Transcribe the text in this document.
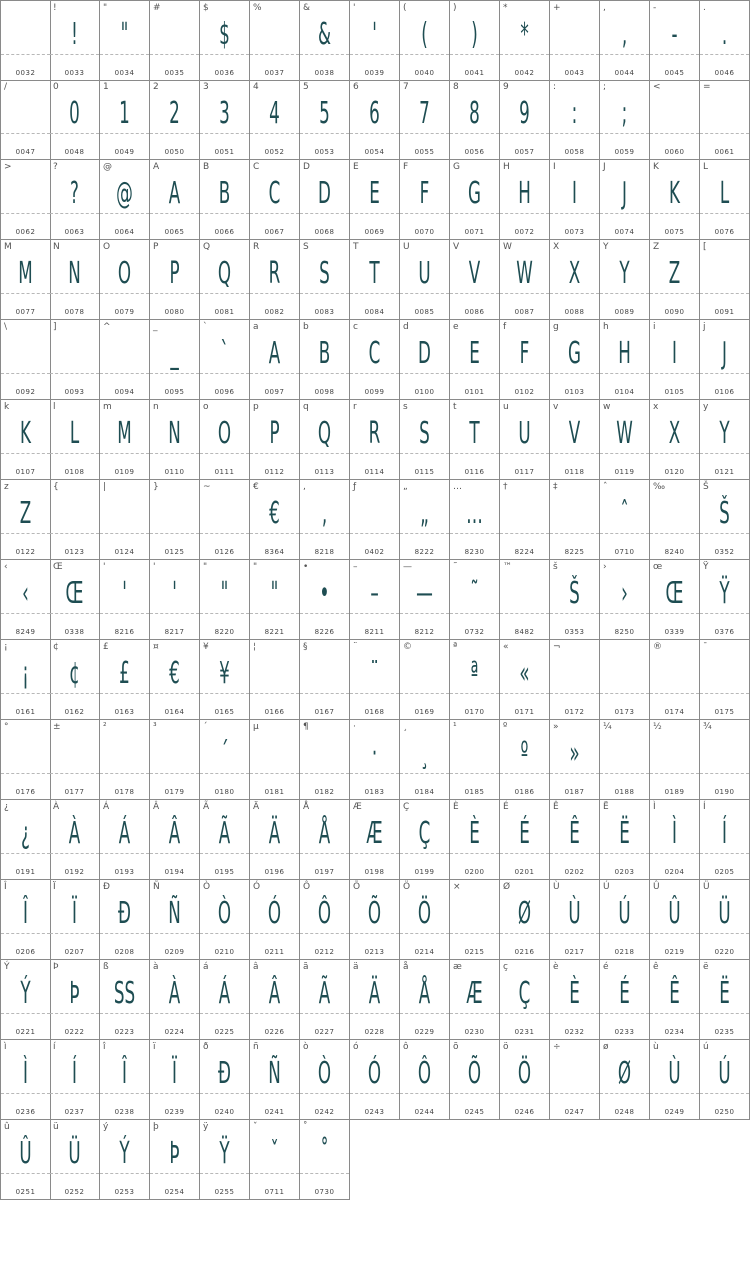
0032
!
!
0033
"
"
0034
#
0035
$
$
0036
%
0037
&
&
0038
'
'
0039
(
(
0040
)
)
0041
*
*
0042
+
0043
,
,
0044
-
-
0045
.
.
0046
/
0047
0
0
0048
1
1
0049
2
2
0050
3
3
0051
4
4
0052
5
5
0053
6
6
0054
7
7
0055
8
8
0056
9
9
0057
:
:
0058
;
;
0059
<
0060
=
0061
>
0062
?
?
0063
@
@
0064
A
A
0065
B
B
0066
C
C
0067
D
D
0068
E
E
0069
F
F
0070
G
G
0071
H
H
0072
I
I
0073
J
J
0074
K
K
0075
L
L
0076
M
M
0077
N
N
0078
O
O
0079
P
P
0080
Q
Q
0081
R
R
0082
S
S
0083
T
T
0084
U
U
0085
V
V
0086
W
W
0087
X
X
0088
Y
Y
0089
Z
Z
0090
[
0091
\
0092
]
0093
^
0094
_
_
0095
`
`
0096
a
A
0097
b
B
0098
c
C
0099
d
D
0100
e
E
0101
f
F
0102
g
G
0103
h
H
0104
i
I
0105
j
J
0106
k
K
0107
l
L
0108
m
M
0109
n
N
0110
o
O
0111
p
P
0112
q
Q
0113
r
R
0114
s
S
0115
t
T
0116
u
U
0117
v
V
0118
w
W
0119
x
X
0120
y
Y
0121
z
Z
0122
{
0123
|
0124
}
0125
~
0126
€
€
8364
,
,
8218
ƒ
0402
„
„
8222
…
…
8230
†
8224
‡
8225
ˆ
ˆ
0710
‰
8240
Š
Š
0352
‹
‹
8249
Œ
Œ
0338
'
'
8216
'
'
8217
"
"
8220
"
"
8221
•
•
8226
–
–
8211
—
—
8212
˜
˜
0732
™
8482
š
Š
0353
›
›
8250
œ
Œ
0339
Ÿ
Ÿ
0376
¡
¡
0161
¢
¢
0162
£
£
0163
¤
€
0164
¥
¥
0165
¦
0166
§
0167
¨
¨
0168
©
0169
ª
ª
0170
«
«
0171
¬
0172	0173
®
0174
¯
0175
°
0176
±
0177
²
0178
³
0179
´
´
0180
µ
0181
¶
0182
·
·
0183
¸
¸
0184
¹
0185
º
º
0186
»
»
0187
¼
0188
½
0189
¾
0190
¿
¿
0191
À
À
0192
Á
Á
0193
Â
Â
0194
Ã
Ã
0195
Ä
Ä
0196
Å
Å
0197
Æ
Æ
0198
Ç
Ç
0199
È
È
0200
É
É
0201
Ê
Ê
0202
Ë
Ë
0203
Ì
Ì
0204
Í
Í
0205
Î
Î
0206
Ï
Ï
0207
Ð
Ð
0208
Ñ
Ñ
0209
Ò
Ò
0210
Ó
Ó
0211
Ô
Ô
0212
Õ
Õ
0213
Ö
Ö
0214
×
0215
Ø
Ø
0216
Ù
Ù
0217
Ú
Ú
0218
Û
Û
0219
Ü
Ü
0220
Ý
Ý
0221
Þ
Þ
0222
ß
SS
0223
à
À
0224
á
Á
0225
â
Â
0226
ã
Ã
0227
ä
Ä
0228
å
Å
0229
æ
Æ
0230
ç
Ç
0231
è
È
0232
é
É
0233
ê
Ê
0234
ë
Ë
0235
ì
Ì
0236
í
Í
0237
î
Î
0238
ï
Ï
0239
ð
Ð
0240
ñ
Ñ
0241
ò
Ò
0242
ó
Ó
0243
ô
Ô
0244
õ
Õ
0245
ö
Ö
0246
÷
0247
ø
Ø
0248
ù
Ù
0249
ú
Ú
0250
û
Û
0251
ü
Ü
0252
ý
Ý
0253
þ
Þ
0254
ÿ
Ÿ
0255
ˇ
ˇ
0711
˚
˚
0730
